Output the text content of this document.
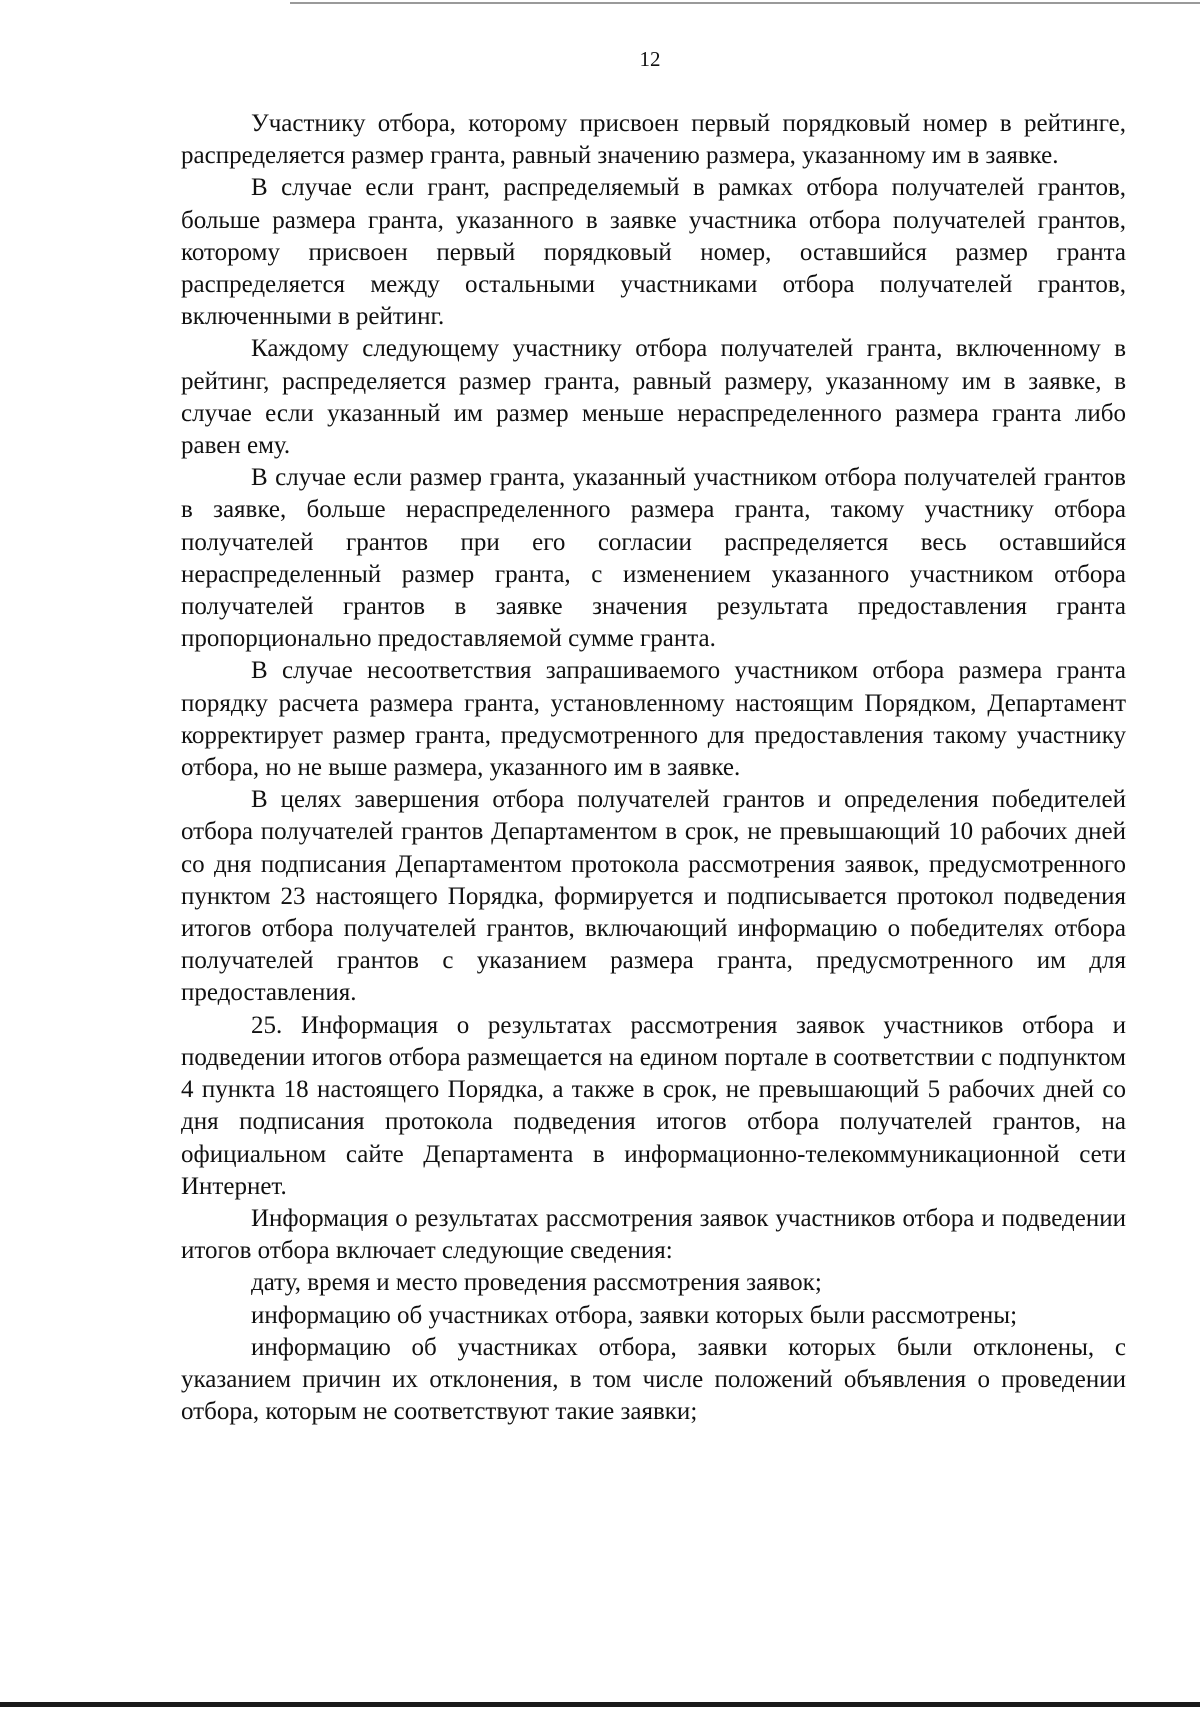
12

Участнику отбора, которому присвоен первый порядковый номер в рейтинге, распределяется размер гранта, равный значению размера, указанному им в заявке.

В случае если грант, распределяемый в рамках отбора получателей грантов, больше размера гранта, указанного в заявке участника отбора получателей грантов, которому присвоен первый порядковый номер, оставшийся размер гранта распределяется между остальными участниками отбора получателей грантов, включенными в рейтинг.

Каждому следующему участнику отбора получателей гранта, включенному в рейтинг, распределяется размер гранта, равный размеру, указанному им в заявке, в случае если указанный им размер меньше нераспределенного размера гранта либо равен ему.

В случае если размер гранта, указанный участником отбора получателей грантов в заявке, больше нераспределенного размера гранта, такому участнику отбора получателей грантов при его согласии распределяется весь оставшийся нераспределенный размер гранта, с изменением указанного участником отбора получателей грантов в заявке значения результата предоставления гранта пропорционально предоставляемой сумме гранта.

В случае несоответствия запрашиваемого участником отбора размера гранта порядку расчета размера гранта, установленному настоящим Порядком, Департамент корректирует размер гранта, предусмотренного для предоставления такому участнику отбора, но не выше размера, указанного им в заявке.

В целях завершения отбора получателей грантов и определения победителей отбора получателей грантов Департаментом в срок, не превышающий 10 рабочих дней со дня подписания Департаментом протокола рассмотрения заявок, предусмотренного пунктом 23 настоящего Порядка, формируется и подписывается протокол подведения итогов отбора получателей грантов, включающий информацию о победителях отбора получателей грантов с указанием размера гранта, предусмотренного им для предоставления.

25. Информация о результатах рассмотрения заявок участников отбора и подведении итогов отбора размещается на едином портале в соответствии с подпунктом 4 пункта 18 настоящего Порядка, а также в срок, не превышающий 5 рабочих дней со дня подписания протокола подведения итогов отбора получателей грантов, на официальном сайте Департамента в информационно-телекоммуникационной сети Интернет.

Информация о результатах рассмотрения заявок участников отбора и подведении итогов отбора включает следующие сведения:

дату, время и место проведения рассмотрения заявок;

информацию об участниках отбора, заявки которых были рассмотрены;

информацию об участниках отбора, заявки которых были отклонены, с указанием причин их отклонения, в том числе положений объявления о проведении отбора, которым не соответствуют такие заявки;
